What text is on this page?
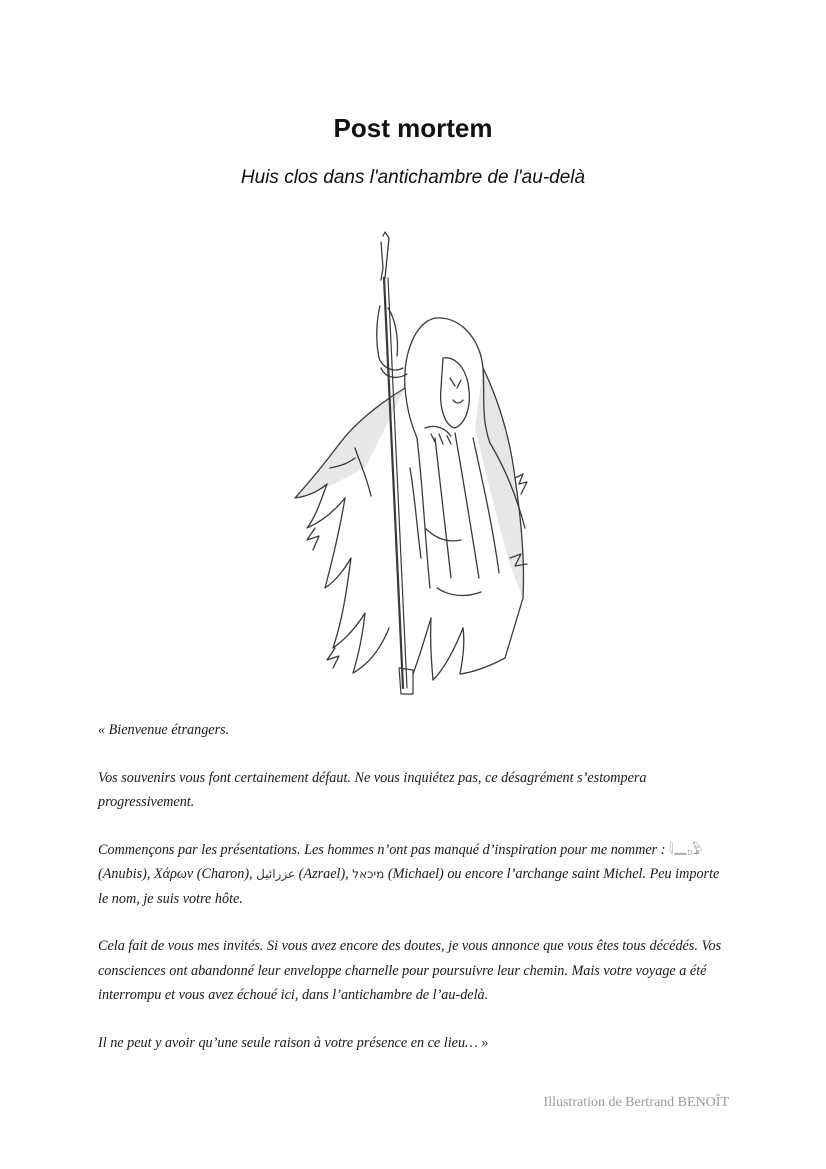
Post mortem
Huis clos dans l'antichambre de l'au-delà

« Bienvenue étrangers.

Vos souvenirs vous font certainement défaut. Ne vous inquiétez pas, ce désagrément s’estompera progressivement.

Commençons par les présentations. Les hommes n’ont pas manqué d’inspiration pour me nommer : 𓇋𓈖𓊪𓅱 (Anubis), Χάρων (Charon), عزرائيل (Azrael), מיכאל (Michael) ou encore l’archange saint Michel. Peu importe le nom, je suis votre hôte.

Cela fait de vous mes invités. Si vous avez encore des doutes, je vous annonce que vous êtes tous décédés. Vos consciences ont abandonné leur enveloppe charnelle pour poursuivre leur chemin. Mais votre voyage a été interrompu et vous avez échoué ici, dans l’antichambre de l’au-delà.

Il ne peut y avoir qu’une seule raison à votre présence en ce lieu… »

Illustration de Bertrand BENOÎT
